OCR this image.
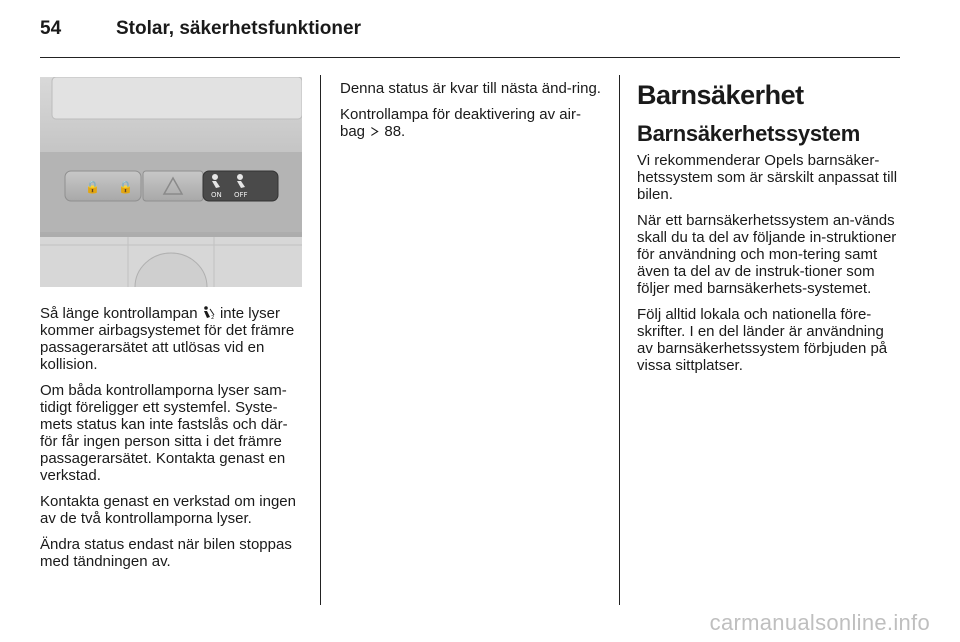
54	Stolar, säkerhetsfunktioner
🔒 🔒
ON OFF

Så länge kontrollampan	2 inte lyser kommer airbagsystemet för det främre passagerarsätet att utlösas vid en kollision.

Om båda kontrollamporna lyser sam-tidigt föreligger ett systemfel. Syste-mets status kan inte fastslås och där-för får ingen person sitta i det främre passagerarsätet. Kontakta genast en verkstad.

Kontakta genast en verkstad om ingen av de två kontrollamporna lyser.

Ändra status endast när bilen stoppas med tändningen av.

Denna status är kvar till nästa änd-ring.

Kontrollampa för deaktivering av air-bag 88.

Barnsäkerhet
Barnsäkerhetssystem

Vi rekommenderar Opels barnsäker-hetssystem som är särskilt anpassat till bilen.

När ett barnsäkerhetssystem an-vänds skall du ta del av följande in-struktioner för användning och mon-tering samt även ta del av de instruk-tioner som följer med barnsäkerhets-systemet.

Följ alltid lokala och nationella före-skrifter. I en del länder är användning av barnsäkerhetssystem förbjuden på vissa sittplatser.

carmanualsonline.info
